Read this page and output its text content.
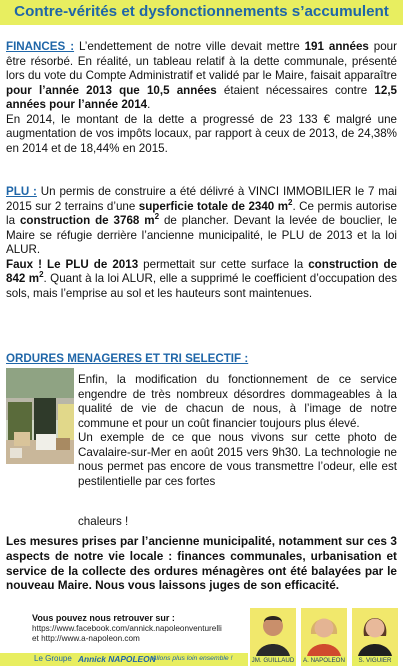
Contre-vérités et dysfonctionnements s’accumulent

FINANCES : L’endettement de notre ville devait mettre 191 années pour être résorbé. En réalité, un tableau relatif à la dette communale, présenté lors du vote du Compte Administratif et validé par le Maire, faisait apparaître pour l’année 2013 que 10,5 années étaient nécessaires contre 12,5 années pour l’année 2014.

En 2014, le montant de la dette a progressé de 23 133 € malgré une augmentation de vos impôts locaux, par rapport à ceux de 2013, de 24,38% en 2014 et de 18,44% en 2015.

PLU : Un permis de construire a été délivré à VINCI IMMOBILIER le 7 mai 2015 sur 2 terrains d’une superficie totale de 2340 $m^2$. Ce permis autorise la construction de 3768 $m^2$ de plancher. Devant la levée de bouclier, le Maire se réfugie derrière l’ancienne municipalité, le PLU de 2013 et la loi ALUR.

Faux ! Le PLU de 2013 permettait sur cette surface la construction de 842 $m^2$. Quant à la loi ALUR, elle a supprimé le coefficient d’occupation des sols, mais l’emprise au sol et les hauteurs sont maintenues.

ORDURES MENAGERES ET TRI SELECTIF :

Enfin, la modification du fonctionnement de ce service engendre de très nombreux désordres dommageables à la qualité de vie de chacun de nous, à l’image de notre commune et pour un coût financier toujours plus élevé.

Un exemple de ce que nous vivons sur cette photo de Cavalaire-sur-Mer en août 2015 vers 9h30. La technologie ne nous permet pas encore de vous transmettre l’odeur, elle est pestilentielle par ces fortes

chaleurs !
Les mesures prises par l’ancienne municipalité, notamment sur ces 3 aspects de notre vie locale : finances communales, urbanisation et service de la collecte des ordures ménagères ont été balayées par le nouveau Maire. Nous vous laissons juges de son efficacité.
Vous pouvez nous retrouver sur :
https://www.facebook.com/annick.napoleonventurelli
et http://www.a-napoleon.com
Le Groupe Annick NAPOLEON
Allons plus loin ensemble !	JM. GUILLAUD	A. NAPOLEON	S. VIGUIER
